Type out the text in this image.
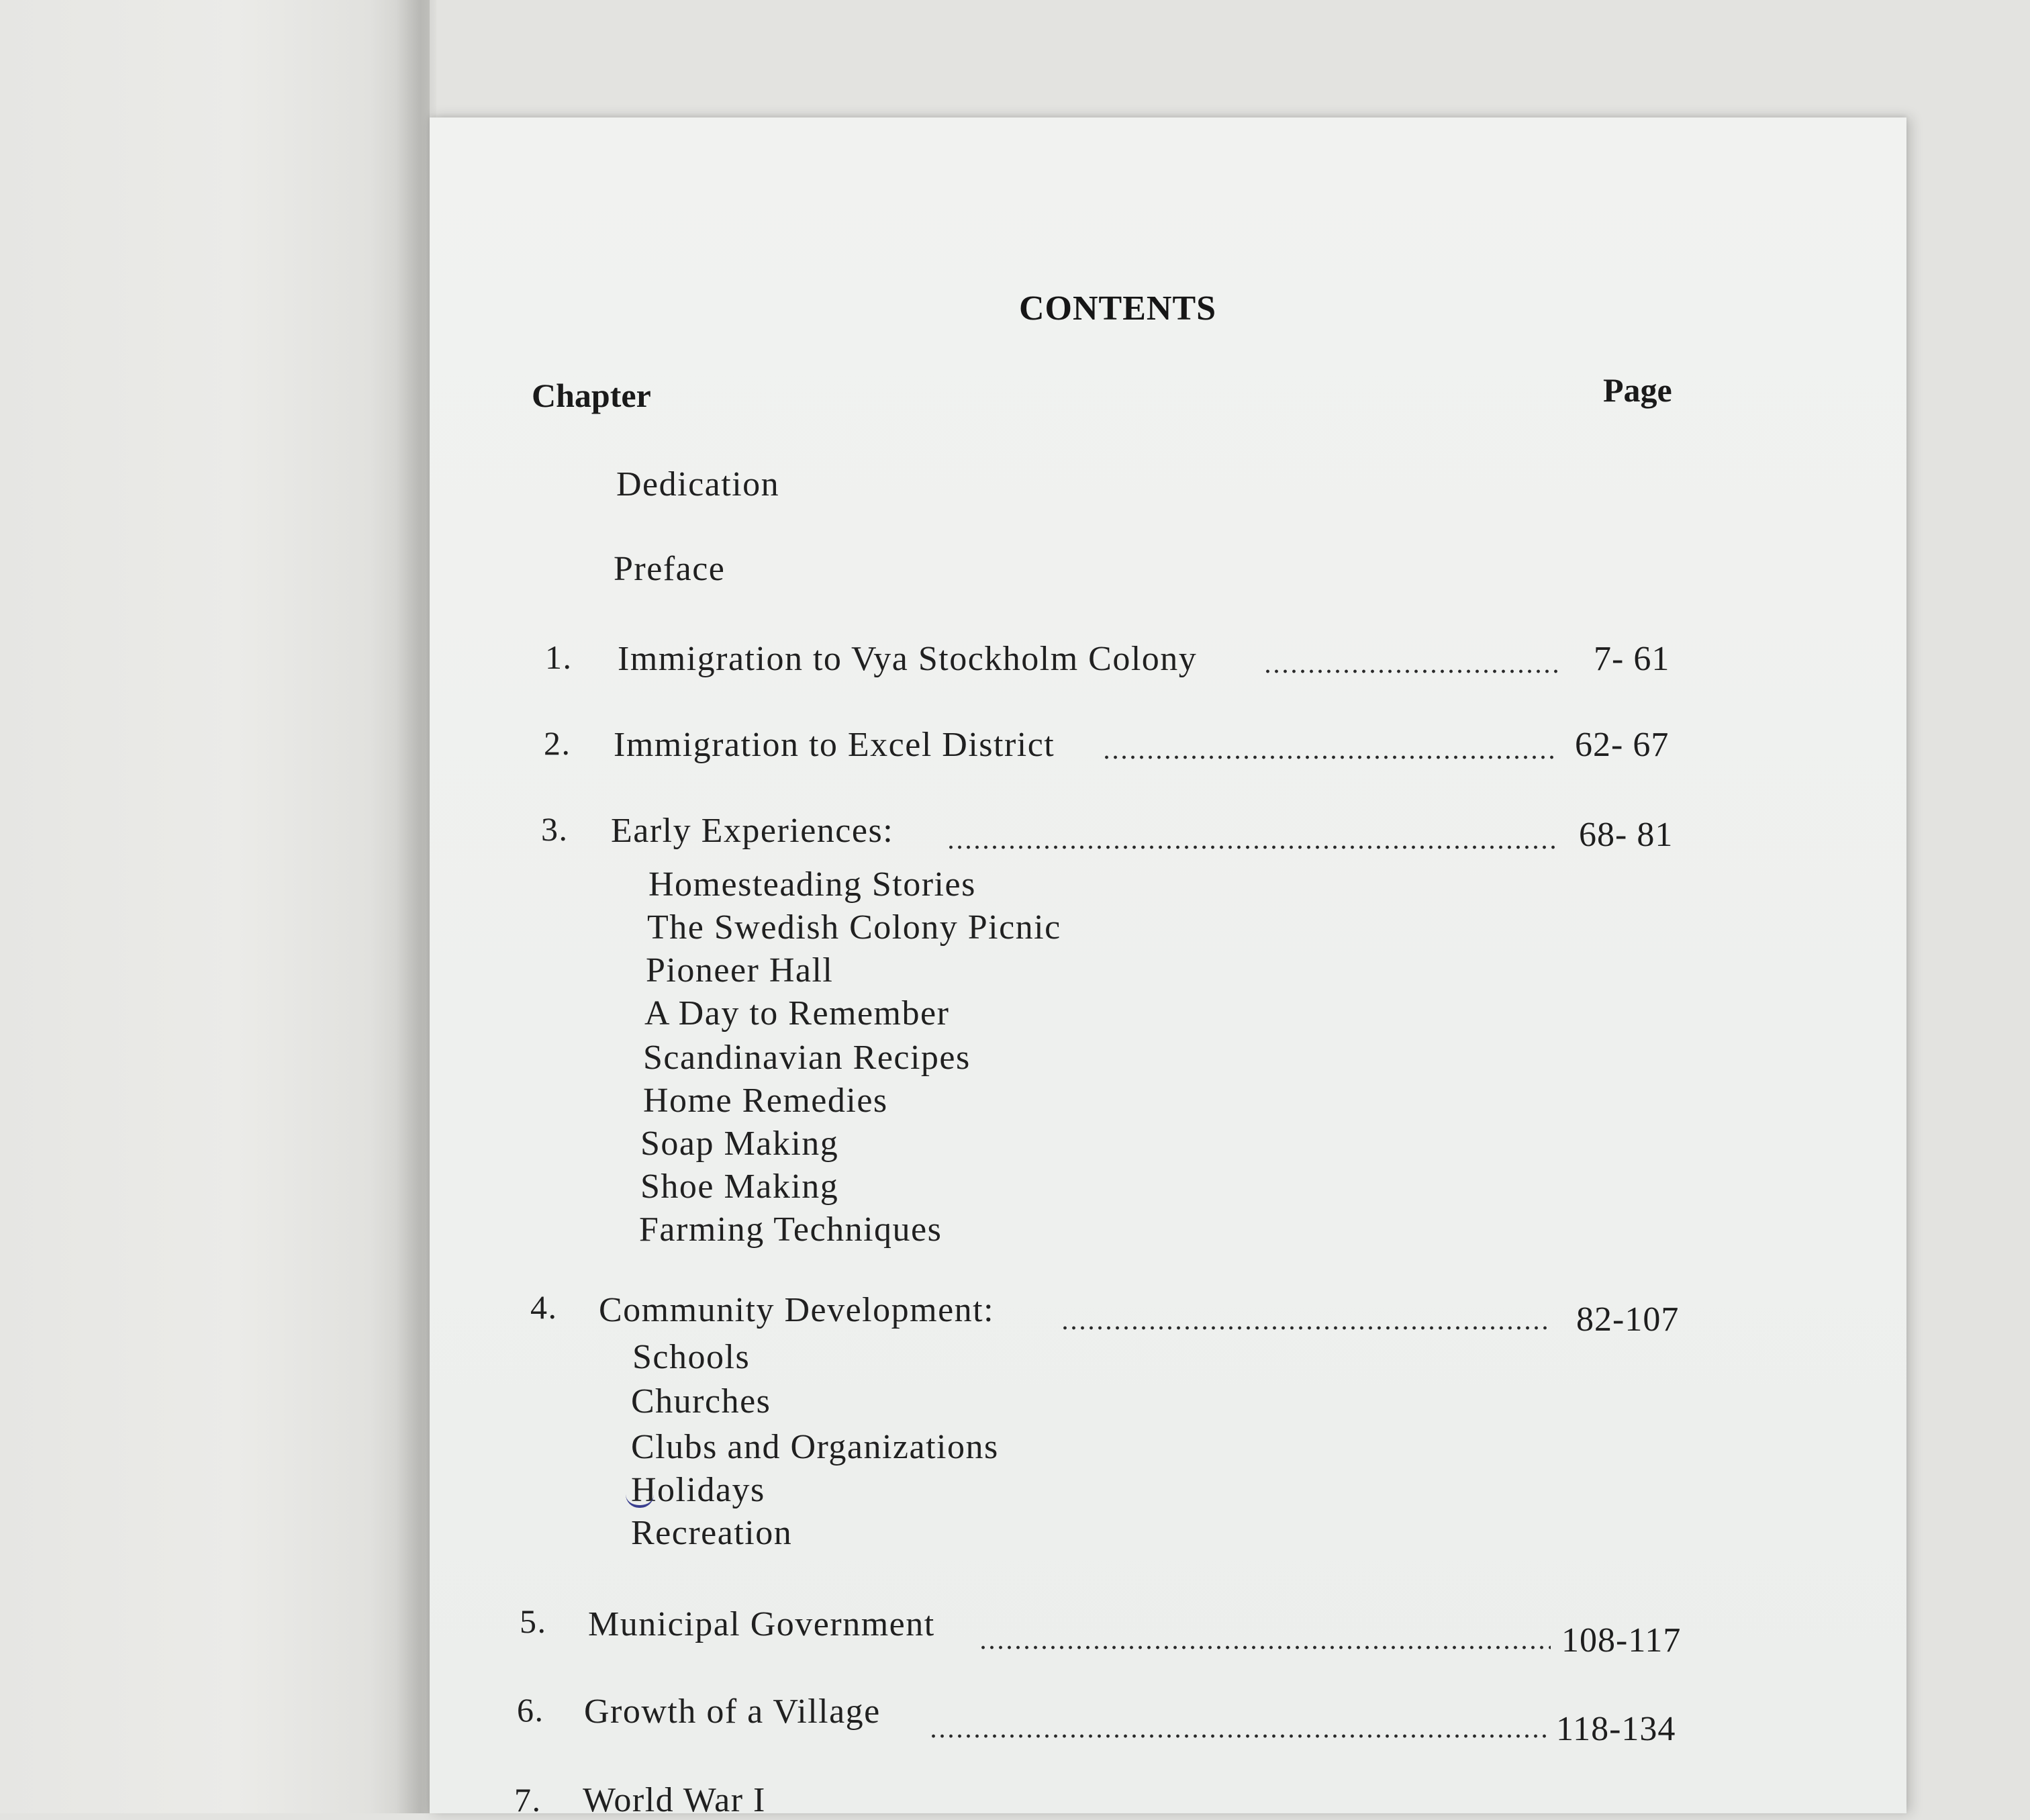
CONTENTS
Chapter	Page
Dedication
Preface
1. Immigration to Vya Stockholm Colony	7- 61
2. Immigration to Excel District	62- 67
3. Early Experiences:	68- 81
Homesteading Stories
The Swedish Colony Picnic
Pioneer Hall
A Day to Remember
Scandinavian Recipes
Home Remedies
Soap Making
Shoe Making
Farming Techniques
4. Community Development:	82-107
Schools
Churches
Clubs and Organizations
Holidays
Recreation
5. Municipal Government	108-117
6. Growth of a Village	118-134
7. World War I
